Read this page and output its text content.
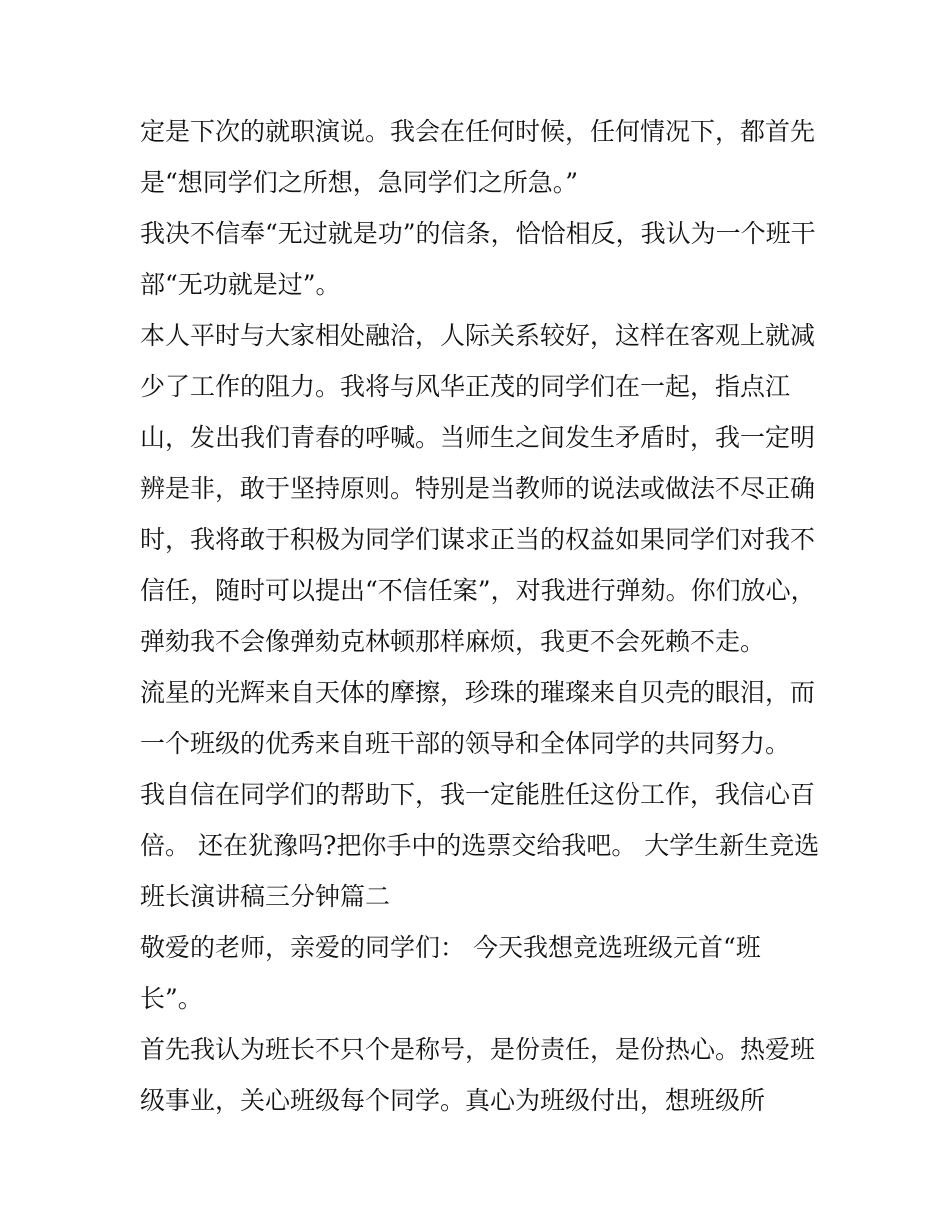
定是下次的就职演说。我会在任何时候，任何情况下，都首先
是“想同学们之所想，急同学们之所急。”
我决不信奉“无过就是功”的信条，恰恰相反，我认为一个班干
部“无功就是过”。
本人平时与大家相处融洽，人际关系较好，这样在客观上就减
少了工作的阻力。我将与风华正茂的同学们在一起，指点江
山，发出我们青春的呼喊。当师生之间发生矛盾时，我一定明
辨是非，敢于坚持原则。特别是当教师的说法或做法不尽正确
时，我将敢于积极为同学们谋求正当的权益如果同学们对我不
信任，随时可以提出“不信任案”，对我进行弹劾。你们放心，
弹劾我不会像弹劾克林顿那样麻烦，我更不会死赖不走。
流星的光辉来自天体的摩擦，珍珠的璀璨来自贝壳的眼泪，而
一个班级的优秀来自班干部的领导和全体同学的共同努力。
我自信在同学们的帮助下，我一定能胜任这份工作，我信心百
倍。 还在犹豫吗?把你手中的选票交给我吧。 大学生新生竞选
班长演讲稿三分钟篇二
敬爱的老师，亲爱的同学们： 今天我想竞选班级元首“班
长”。
首先我认为班长不只个是称号，是份责任，是份热心。热爱班
级事业，关心班级每个同学。真心为班级付出，想班级所
